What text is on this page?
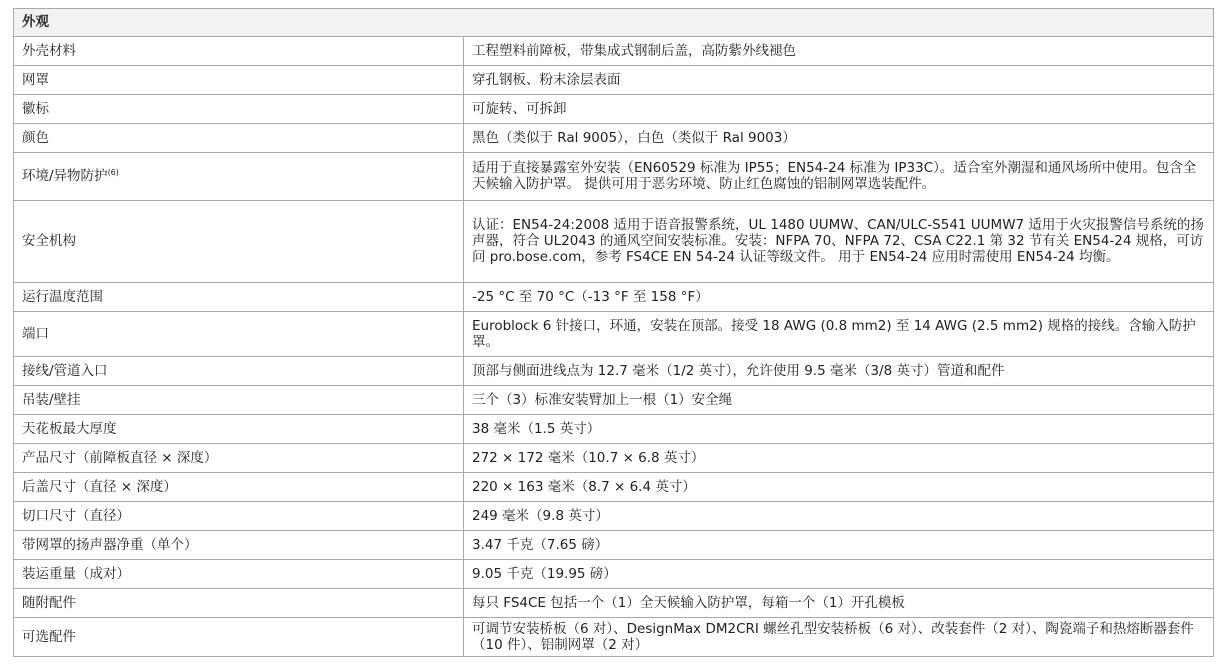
外观	
外壳材料	工程塑料前障板，带集成式钢制后盖，高防紫外线褪色
网罩	穿孔钢板、粉末涂层表面
徽标	可旋转、可拆卸
颜色	黑色（类似于 Ral 9005），白色（类似于 Ral 9003）
环境/异物防护$^{(6)}$	适用于直接暴露室外安装（EN60529 标准为 IP55；EN54-24 标准为 IP33C）。适合室外潮湿和通风场所中使用。包含全天候输入防护罩。 提供可用于恶劣环境、防止红色腐蚀的铝制网罩选装配件。
安全机构	认证：EN54-24:2008 适用于语音报警系统，UL 1480 UUMW、CAN/ULC-S541 UUMW7 适用于火灾报警信号系统的扬声器，符合 UL2043 的通风空间安装标准。安装：NFPA 70、NFPA 72、CSA C22.1 第 32 节有关 EN54-24 规格，可访问 pro.bose.com，参考 FS4CE EN 54-24 认证等级文件。 用于 EN54-24 应用时需使用 EN54-24 均衡。
运行温度范围	-25 °C 至 70 °C（-13 °F 至 158 °F）
端口	Euroblock 6 针接口，环通，安装在顶部。接受 18 AWG (0.8 mm2) 至 14 AWG (2.5 mm2) 规格的接线。含输入防护罩。
接线/管道入口	顶部与侧面进线点为 12.7 毫米（1/2 英寸），允许使用 9.5 毫米（3/8 英寸）管道和配件
吊装/壁挂	三个（3）标准安装臂加上一根（1）安全绳
天花板最大厚度	38 毫米（1.5 英寸）
产品尺寸（前障板直径 × 深度）	272 × 172 毫米（10.7 × 6.8 英寸）
后盖尺寸（直径 × 深度）	220 × 163 毫米（8.7 × 6.4 英寸）
切口尺寸（直径）	249 毫米（9.8 英寸）
带网罩的扬声器净重（单个）	3.47 千克（7.65 磅）
装运重量（成对）	9.05 千克（19.95 磅）
随附配件	每只 FS4CE 包括一个（1）全天候输入防护罩，每箱一个（1）开孔模板
可选配件	可调节安装桥板（6 对）、DesignMax DM2CRI 螺丝孔型安装桥板（6 对）、改装套件（2 对）、陶瓷端子和热熔断器套件（10 件）、铝制网罩（2 对）
